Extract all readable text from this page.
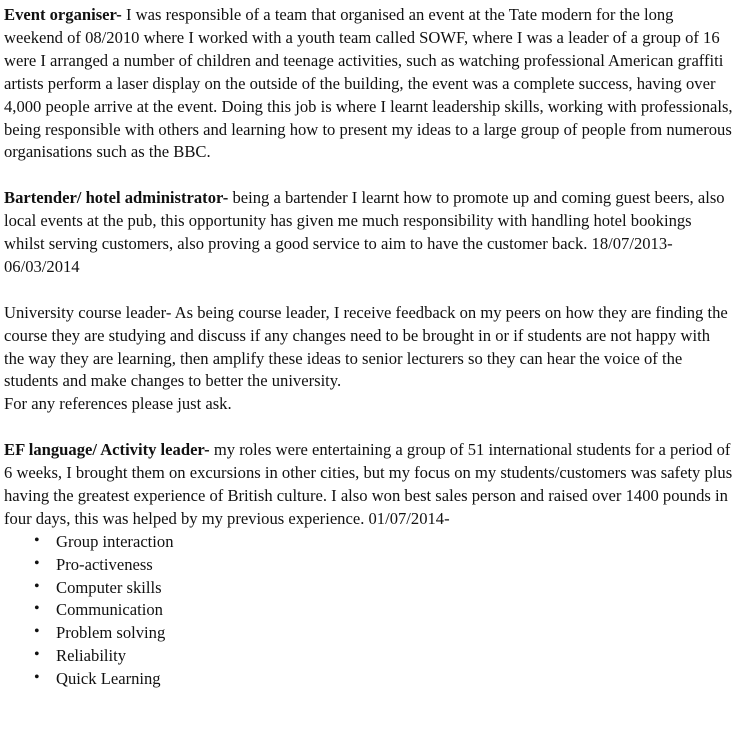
Event organiser- I was responsible of a team that organised an event at the Tate modern for the long weekend of 08/2010 where I worked with a youth team called SOWF, where I was a leader of a group of 16 were I arranged a number of children and teenage activities, such as watching professional American graffiti artists perform a laser display on the outside of the building, the event was a complete success, having over 4,000 people arrive at the event. Doing this job is where I learnt leadership skills, working with professionals, being responsible with others and learning how to present my ideas to a large group of people from numerous organisations such as the BBC.

Bartender/ hotel administrator- being a bartender I learnt how to promote up and coming guest beers, also local events at the pub, this opportunity has given me much responsibility with handling hotel bookings whilst serving customers, also proving a good service to aim to have the customer back. 18/07/2013- 06/03/2014

University course leader- As being course leader, I receive feedback on my peers on how they are finding the course they are studying and discuss if any changes need to be brought in or if students are not happy with the way they are learning, then amplify these ideas to senior lecturers so they can hear the voice of the students and make changes to better the university.
For any references please just ask.

EF language/ Activity leader- my roles were entertaining a group of 51 international students for a period of 6 weeks, I brought them on excursions in other cities, but my focus on my students/customers was safety plus having the greatest experience of British culture. I also won best sales person and raised over 1400 pounds in four days, this was helped by my previous experience. 01/07/2014-

• Group interaction
• Pro-activeness
• Computer skills
• Communication
• Problem solving
• Reliability
• Quick Learning
